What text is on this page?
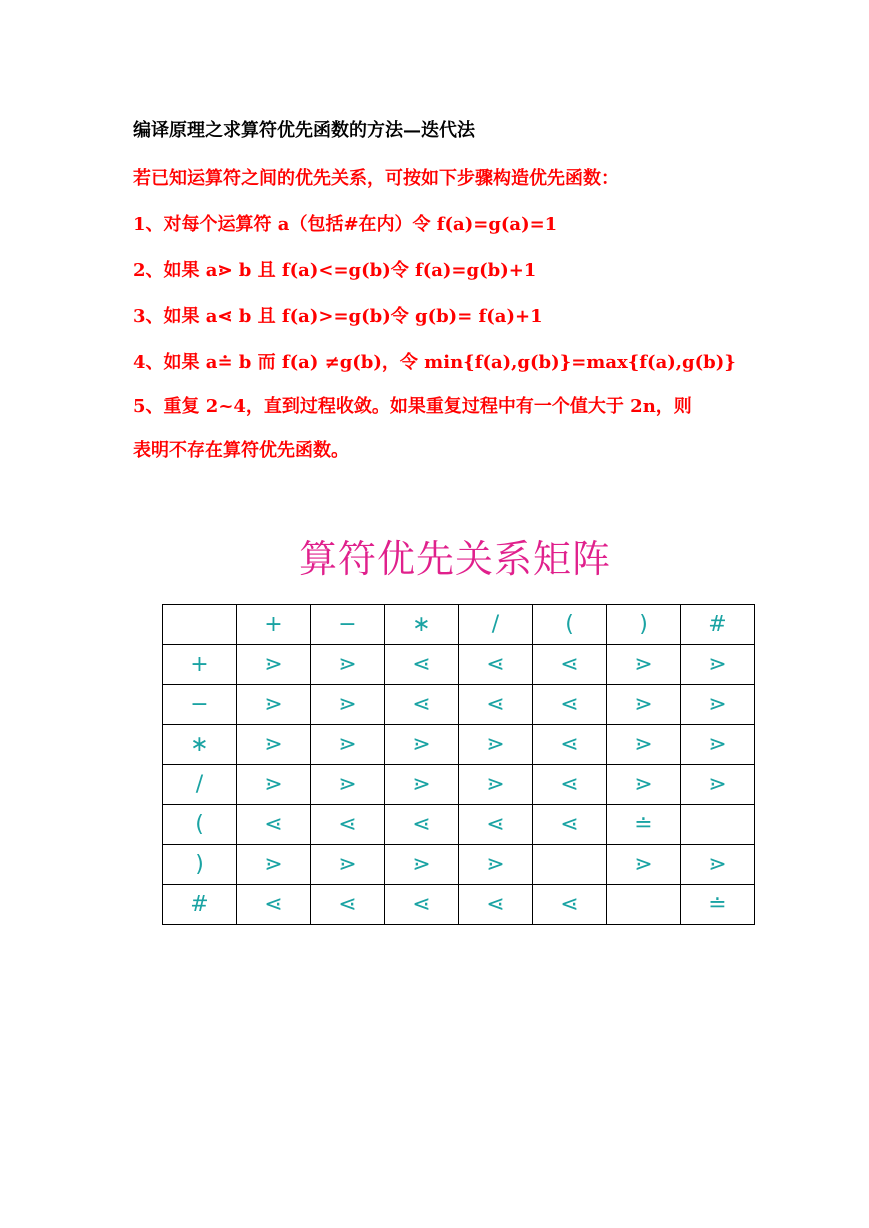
编译原理之求算符优先函数的方法—迭代法
若已知运算符之间的优先关系，可按如下步骤构造优先函数：
1、对每个运算符 a（包括#在内）令 f(a)=g(a)=1
2、如果 a⋗ b 且 f(a)<=g(b)令 f(a)=g(b)+1
3、如果 a⋖ b 且 f(a)>=g(b)令 g(b)= f(a)+1
4、如果 a≐ b 而 f(a) ≠g(b)，令 min{f(a),g(b)}=max{f(a),g(b)}
5、重复 2~4，直到过程收敛。如果重复过程中有一个值大于 2n，则
表明不存在算符优先函数。
算符优先关系矩阵
	+	−	∗	/	(	)	#
+	⋗	⋗	⋖	⋖	⋖	⋗	⋗
−	⋗	⋗	⋖	⋖	⋖	⋗	⋗
∗	⋗	⋗	⋗	⋗	⋖	⋗	⋗
/	⋗	⋗	⋗	⋗	⋖	⋗	⋗
(	⋖	⋖	⋖	⋖	⋖	≐	
)	⋗	⋗	⋗	⋗		⋗	⋗
#	⋖	⋖	⋖	⋖	⋖		≐
